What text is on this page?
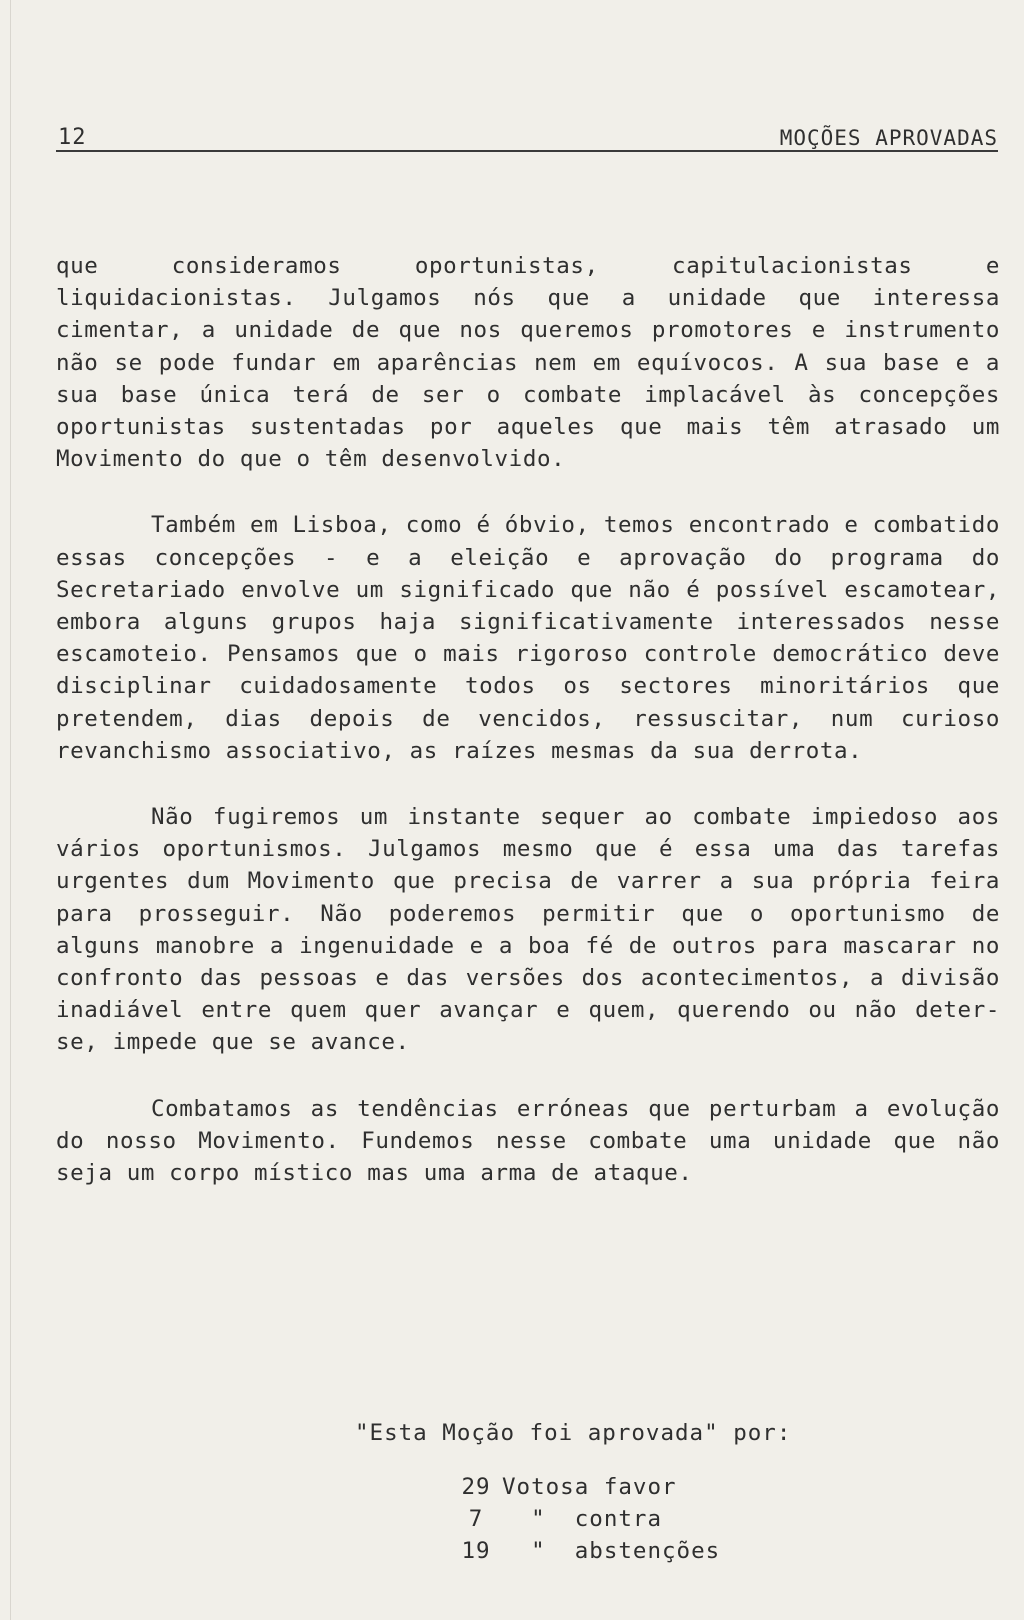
12	MOÇÕES APROVADAS

que consideramos oportunistas, capitulacionistas e liquidacionistas. Julgamos nós que a unidade que interessa cimentar, a unidade de que nos queremos promotores e instrumento não se pode fundar em aparências nem em equívocos. A sua base e a sua base única terá de ser o combate implacável às concepções oportunistas sustentadas por aqueles que mais têm atrasado um Movimento do que o têm desenvolvido.

Também em Lisboa, como é óbvio, temos encontrado e combatido essas concepções - e a eleição e aprovação do programa do Secretariado envolve um significado que não é possível escamotear, embora alguns grupos haja significativamente interessados nesse escamoteio. Pensamos que o mais rigoroso controle democrático deve disciplinar cuidadosamente todos os sectores minoritários que pretendem, dias depois de vencidos, ressuscitar, num curioso revanchismo associativo, as raízes mesmas da sua derrota.

Não fugiremos um instante sequer ao combate impiedoso aos vários oportunismos. Julgamos mesmo que é essa uma das tarefas urgentes dum Movimento que precisa de varrer a sua própria feira para prosseguir. Não poderemos permitir que o oportunismo de alguns manobre a ingenuidade e a boa fé de outros para mascarar no confronto das pessoas e das versões dos acontecimentos, a divisão inadiável entre quem quer avançar e quem, querendo ou não deter-se, impede que se avance.

Combatamos as tendências erróneas que perturbam a evolução do nosso Movimento. Fundemos nesse combate uma unidade que não seja um corpo místico mas uma arma de ataque.

"Esta Moção foi aprovada" por:

29	Votos	a favor
7	"	contra
19	"	abstenções
